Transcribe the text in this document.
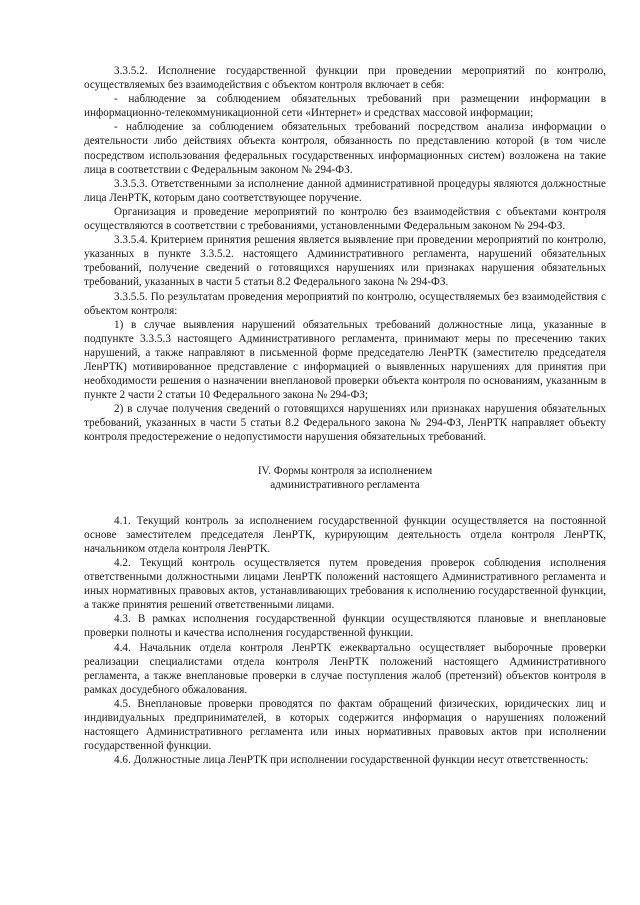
3.3.5.2. Исполнение государственной функции при проведении мероприятий по контролю, осуществляемых без взаимодействия с объектом контроля включает в себя:

- наблюдение за соблюдением обязательных требований при размещении информации в информационно-телекоммуникационной сети «Интернет» и средствах массовой информации;

- наблюдение за соблюдением обязательных требований посредством анализа информации о деятельности либо действиях объекта контроля, обязанность по представлению которой (в том числе посредством использования федеральных государственных информационных систем) возложена на такие лица в соответствии с Федеральным законом № 294-ФЗ.

3.3.5.3. Ответственными за исполнение данной административной процедуры являются должностные лица ЛенРТК, которым дано соответствующее поручение.

Организация и проведение мероприятий по контролю без взаимодействия с объектами контроля осуществляются в соответствии с требованиями, установленными Федеральным законом № 294-ФЗ.

3.3.5.4. Критерием принятия решения является выявление при проведении мероприятий по контролю, указанных в пункте 3.3.5.2. настоящего Административного регламента, нарушений обязательных требований, получение сведений о готовящихся нарушениях или признаках нарушения обязательных требований, указанных в части 5 статьи 8.2 Федерального закона № 294-ФЗ.

3.3.5.5. По результатам проведения мероприятий по контролю, осуществляемых без взаимодействия с объектом контроля:

1) в случае выявления нарушений обязательных требований должностные лица, указанные в подпункте 3.3.5.3 настоящего Административного регламента, принимают меры по пресечению таких нарушений, а также направляют в письменной форме председателю ЛенРТК (заместителю председателя ЛенРТК) мотивированное представление с информацией о выявленных нарушениях для принятия при необходимости решения о назначении внеплановой проверки объекта контроля по основаниям, указанным в пункте 2 части 2 статьи 10 Федерального закона № 294-ФЗ;

2) в случае получения сведений о готовящихся нарушениях или признаках нарушения обязательных требований, указанных в части 5 статьи 8.2 Федерального закона № 294-ФЗ, ЛенРТК направляет объекту контроля предостережение о недопустимости нарушения обязательных требований.

IV. Формы контроля за исполнением
административного регламента

4.1. Текущий контроль за исполнением государственной функции осуществляется на постоянной основе заместителем председателя ЛенРТК, курирующим деятельность отдела контроля ЛенРТК, начальником отдела контроля ЛенРТК.

4.2. Текущий контроль осуществляется путем проведения проверок соблюдения исполнения ответственными должностными лицами ЛенРТК положений настоящего Административного регламента и иных нормативных правовых актов, устанавливающих требования к исполнению государственной функции, а также принятия решений ответственными лицами.

4.3. В рамках исполнения государственной функции осуществляются плановые и внеплановые проверки полноты и качества исполнения государственной функции.

4.4. Начальник отдела контроля ЛенРТК ежеквартально осуществляет выборочные проверки реализации специалистами отдела контроля ЛенРТК положений настоящего Административного регламента, а также внеплановые проверки в случае поступления жалоб (претензий) объектов контроля в рамках досудебного обжалования.

4.5. Внеплановые проверки проводятся по фактам обращений физических, юридических лиц и индивидуальных предпринимателей, в которых содержится информация о нарушениях положений настоящего Административного регламента или иных нормативных правовых актов при исполнении государственной функции.

4.6. Должностные лица ЛенРТК при исполнении государственной функции несут ответственность:
